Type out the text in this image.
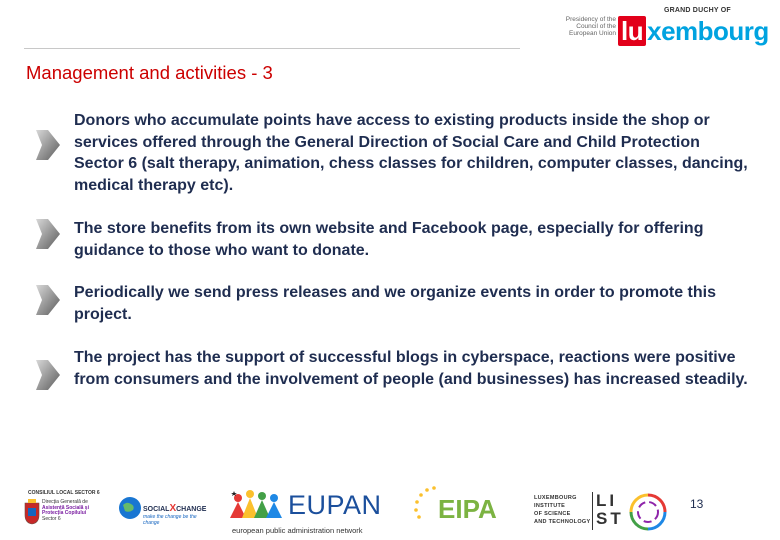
Presidency of the Council of the European Union
GRAND DUCHY OF
lu xembourg
Management and activities - 3
Donors who accumulate points have access to existing products inside the shop or services offered through the General Direction of Social Care and Child Protection Sector 6 (salt therapy, animation, chess classes for children, computer classes, dancing, medical therapy etc).
The store benefits from its own website and Facebook page, especially for offering guidance to those who want to donate.
Periodically we send press releases and we organize events in order to promote this project.
The project has the support of successful blogs in cyberspace, reactions were positive from consumers and the involvement of people (and businesses) has increased steadily.
CONSILIUL LOCAL SECTOR 6
Direcția Generală de
Asistență Socială și
Protecția Copilului
Sector 6
SOCIALXCHANGE
make the change be the change
EUPAN
european public administration network
EIPA	LUXEMBOURG
INSTITUTE
OF SCIENCE
AND TECHNOLOGY
LI
ST
13
